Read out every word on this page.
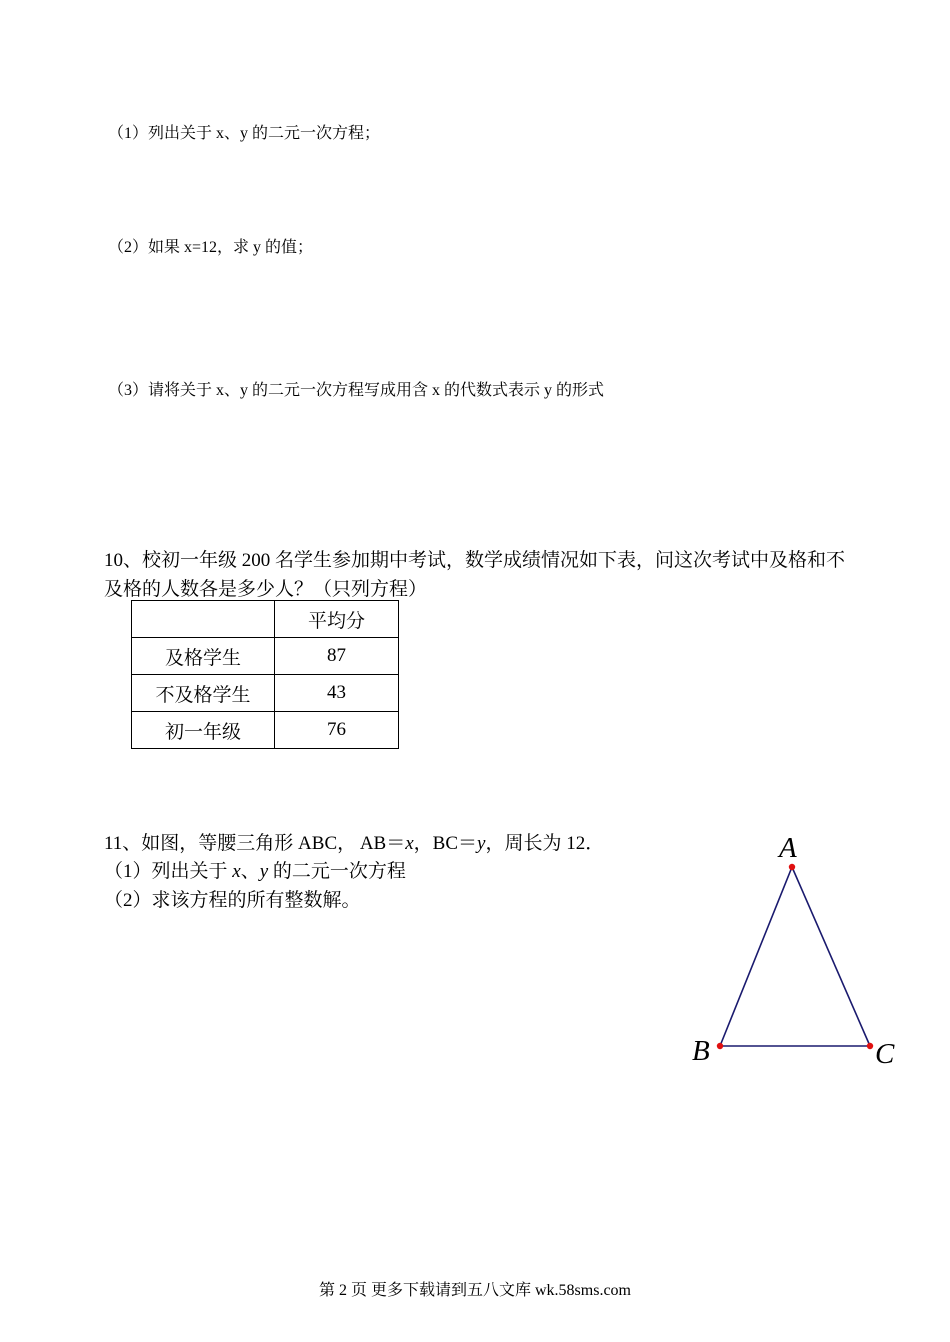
（1）列出关于 x、y 的二元一次方程；
（2）如果 x=12，求 y 的值；
（3）请将关于 x、y 的二元一次方程写成用含 x 的代数式表示 y 的形式
10、校初一年级 200 名学生参加期中考试，数学成绩情况如下表，问这次考试中及格和不
及格的人数各是多少人？（只列方程）
	平均分
及格学生	87
不及格学生	43
初一年级	76
11、如图，等腰三角形 ABC， AB＝x，BC＝y，周长为 12．
（1）列出关于 x、y 的二元一次方程
（2）求该方程的所有整数解。
A
B	C
第 2 页 更多下载请到五八文库 wk.58sms.com
